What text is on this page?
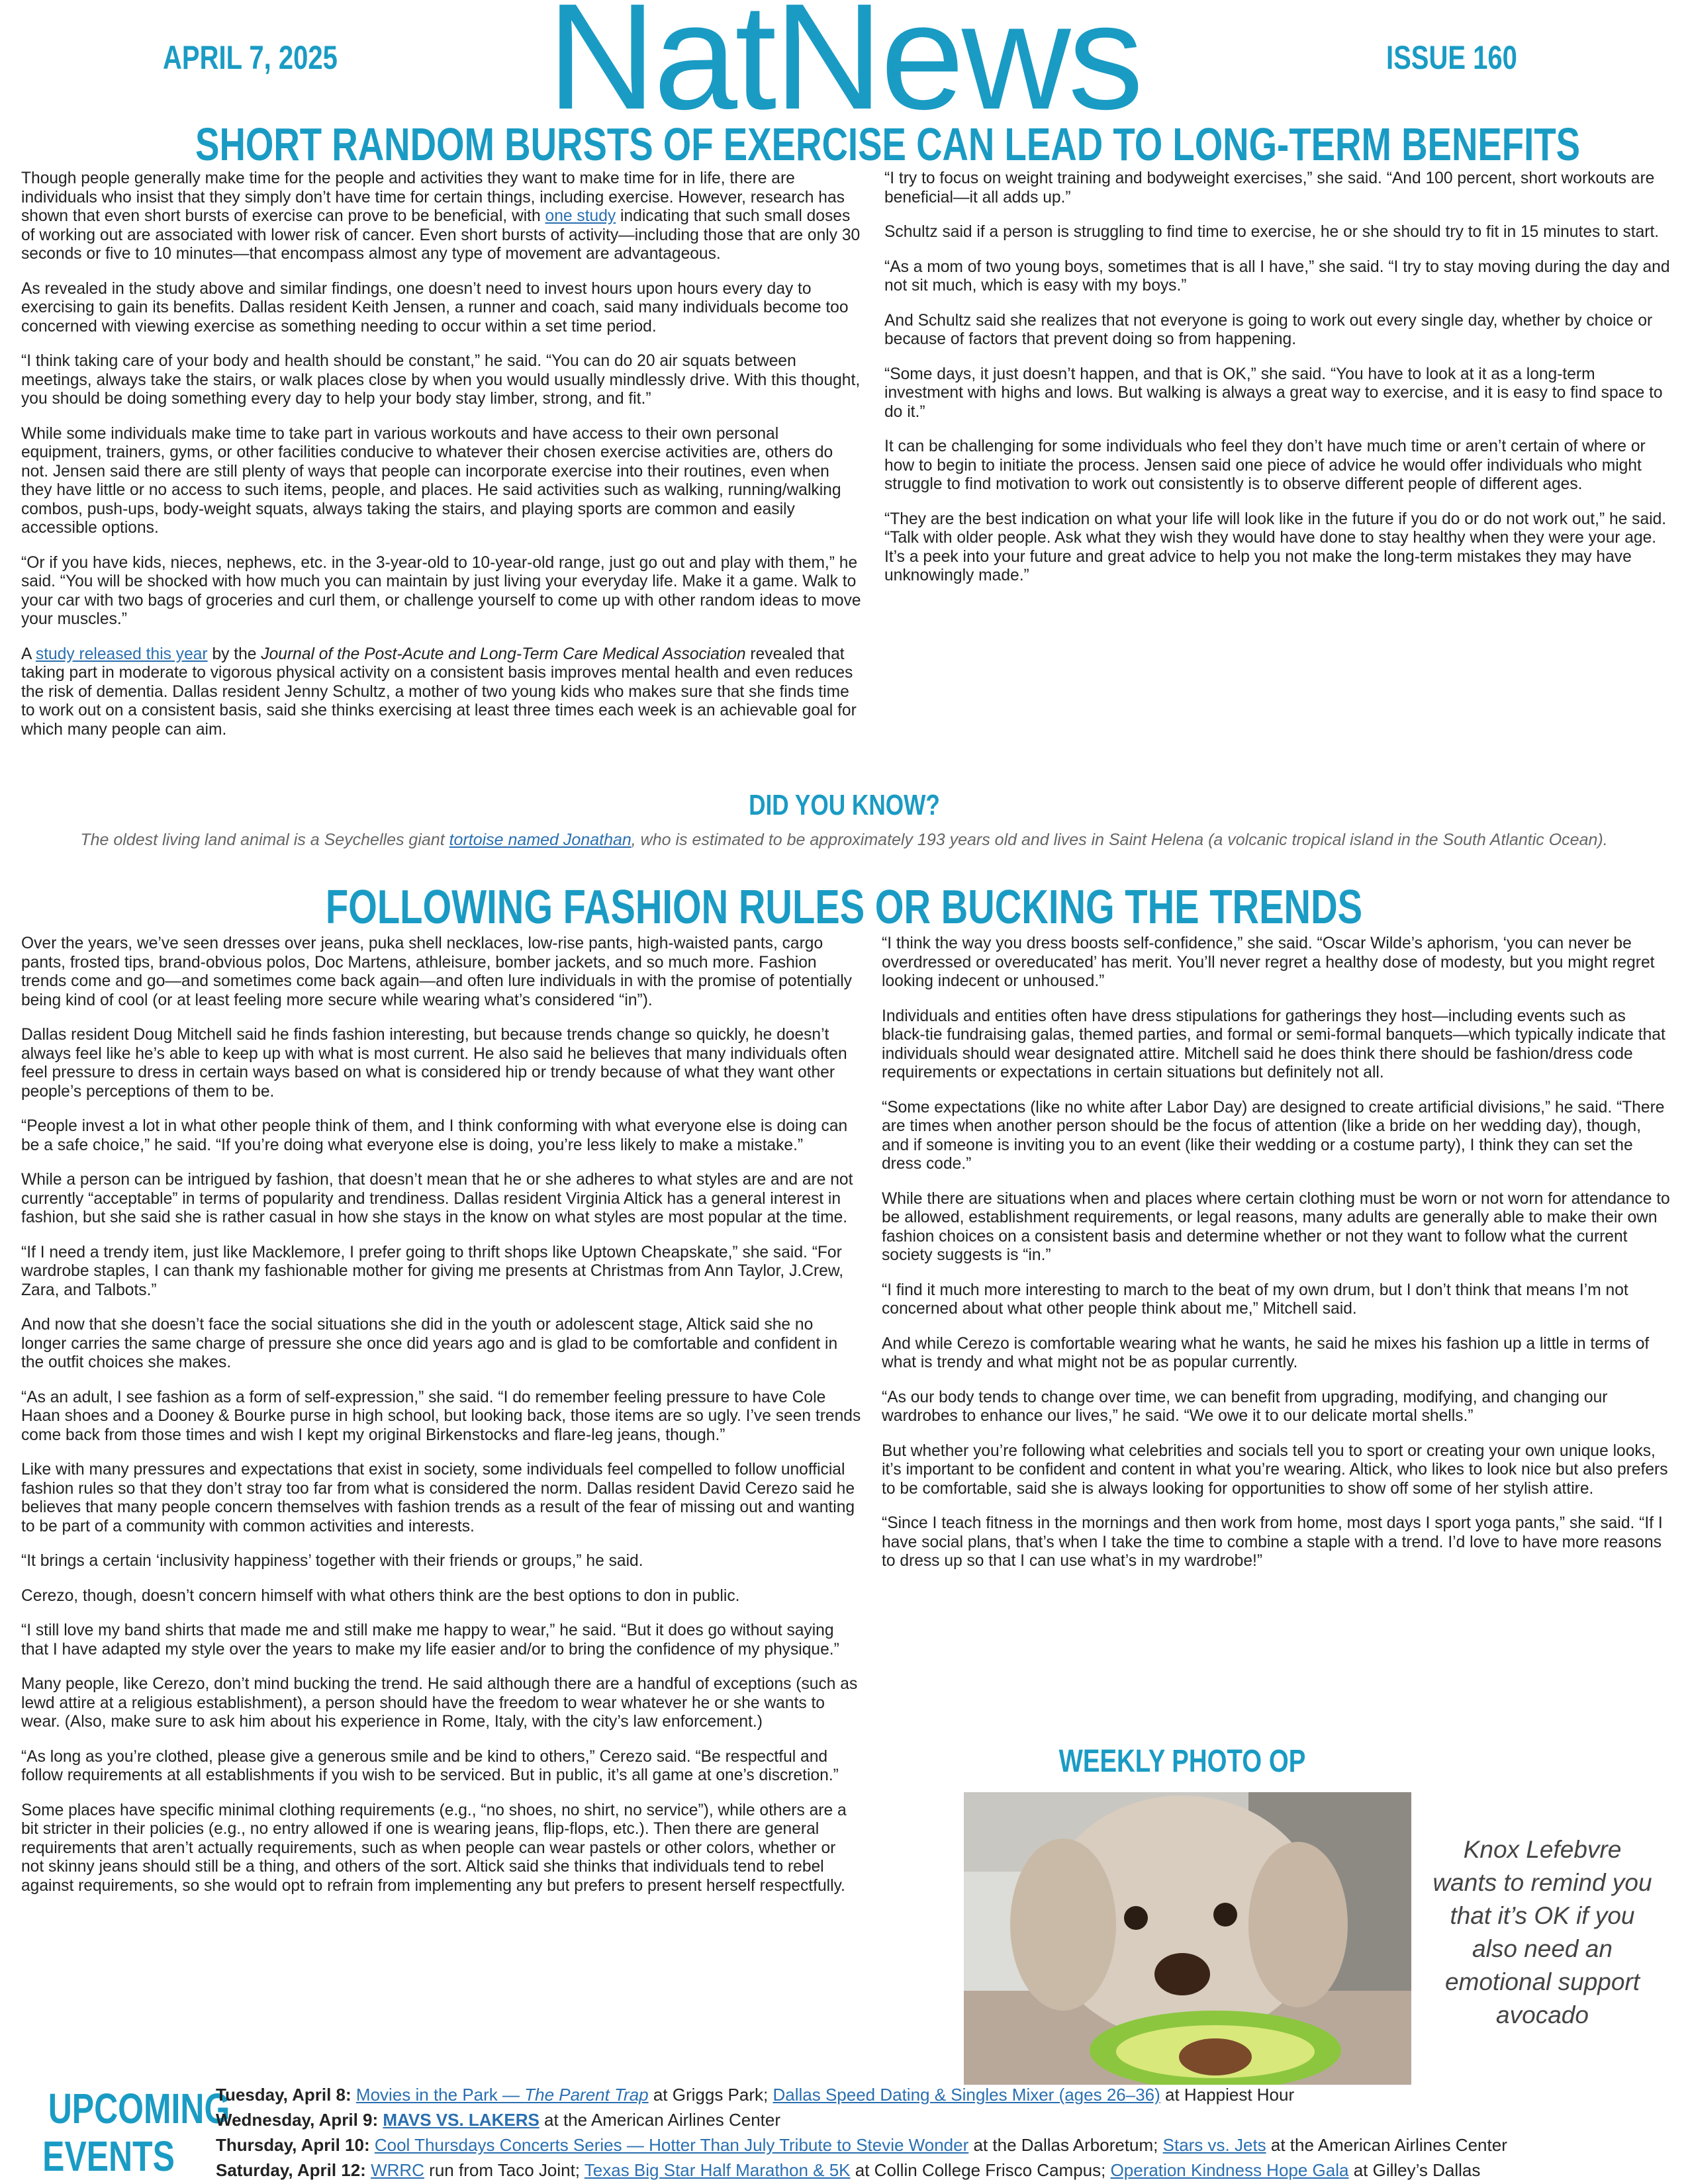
APRIL 7, 2025	NatNews	ISSUE 160
SHORT RANDOM BURSTS OF EXERCISE CAN LEAD TO LONG-TERM BENEFITS

Though people generally make time for the people and activities they want to make time for in life, there are individuals who insist that they simply don’t have time for certain things, including exercise. However, research has shown that even short bursts of exercise can prove to be beneficial, with one study indicating that such small doses of working out are associated with lower risk of cancer. Even short bursts of activity—including those that are only 30 seconds or five to 10 minutes—that encompass almost any type of movement are advantageous.

As revealed in the study above and similar findings, one doesn’t need to invest hours upon hours every day to exercising to gain its benefits. Dallas resident Keith Jensen, a runner and coach, said many individuals become too concerned with viewing exercise as something needing to occur within a set time period.

“I think taking care of your body and health should be constant,” he said. “You can do 20 air squats between meetings, always take the stairs, or walk places close by when you would usually mindlessly drive. With this thought, you should be doing something every day to help your body stay limber, strong, and fit.”

While some individuals make time to take part in various workouts and have access to their own personal equipment, trainers, gyms, or other facilities conducive to whatever their chosen exercise activities are, others do not. Jensen said there are still plenty of ways that people can incorporate exercise into their routines, even when they have little or no access to such items, people, and places. He said activities such as walking, running/walking combos, push-ups, body-weight squats, always taking the stairs, and playing sports are common and easily accessible options.

“Or if you have kids, nieces, nephews, etc. in the 3-year-old to 10-year-old range, just go out and play with them,” he said. “You will be shocked with how much you can maintain by just living your everyday life. Make it a game. Walk to your car with two bags of groceries and curl them, or challenge yourself to come up with other random ideas to move your muscles.”

A study released this year by the Journal of the Post-Acute and Long-Term Care Medical Association revealed that taking part in moderate to vigorous physical activity on a consistent basis improves mental health and even reduces the risk of dementia. Dallas resident Jenny Schultz, a mother of two young kids who makes sure that she finds time to work out on a consistent basis, said she thinks exercising at least three times each week is an achievable goal for which many people can aim.

“I try to focus on weight training and bodyweight exercises,” she said. “And 100 percent, short workouts are beneficial—it all adds up.”

Schultz said if a person is struggling to find time to exercise, he or she should try to fit in 15 minutes to start.

“As a mom of two young boys, sometimes that is all I have,” she said. “I try to stay moving during the day and not sit much, which is easy with my boys.”

And Schultz said she realizes that not everyone is going to work out every single day, whether by choice or because of factors that prevent doing so from happening.

“Some days, it just doesn’t happen, and that is OK,” she said. “You have to look at it as a long-term investment with highs and lows. But walking is always a great way to exercise, and it is easy to find space to do it.”

It can be challenging for some individuals who feel they don’t have much time or aren’t certain of where or how to begin to initiate the process. Jensen said one piece of advice he would offer individuals who might struggle to find motivation to work out consistently is to observe different people of different ages.

“They are the best indication on what your life will look like in the future if you do or do not work out,” he said. “Talk with older people. Ask what they wish they would have done to stay healthy when they were your age. It’s a peek into your future and great advice to help you not make the long-term mistakes they may have unknowingly made.”

DID YOU KNOW?
The oldest living land animal is a Seychelles giant tortoise named Jonathan, who is estimated to be approximately 193 years old and lives in Saint Helena (a volcanic tropical island in the South Atlantic Ocean).
FOLLOWING FASHION RULES OR BUCKING THE TRENDS

Over the years, we’ve seen dresses over jeans, puka shell necklaces, low-rise pants, high-waisted pants, cargo pants, frosted tips, brand-obvious polos, Doc Martens, athleisure, bomber jackets, and so much more. Fashion trends come and go—and sometimes come back again—and often lure individuals in with the promise of potentially being kind of cool (or at least feeling more secure while wearing what’s considered “in”).

Dallas resident Doug Mitchell said he finds fashion interesting, but because trends change so quickly, he doesn’t always feel like he’s able to keep up with what is most current. He also said he believes that many individuals often feel pressure to dress in certain ways based on what is considered hip or trendy because of what they want other people’s perceptions of them to be.

“People invest a lot in what other people think of them, and I think conforming with what everyone else is doing can be a safe choice,” he said. “If you’re doing what everyone else is doing, you’re less likely to make a mistake.”

While a person can be intrigued by fashion, that doesn’t mean that he or she adheres to what styles are and are not currently “acceptable” in terms of popularity and trendiness. Dallas resident Virginia Altick has a general interest in fashion, but she said she is rather casual in how she stays in the know on what styles are most popular at the time.

“If I need a trendy item, just like Macklemore, I prefer going to thrift shops like Uptown Cheapskate,” she said. “For wardrobe staples, I can thank my fashionable mother for giving me presents at Christmas from Ann Taylor, J.Crew, Zara, and Talbots.”

And now that she doesn’t face the social situations she did in the youth or adolescent stage, Altick said she no longer carries the same charge of pressure she once did years ago and is glad to be comfortable and confident in the outfit choices she makes.

“As an adult, I see fashion as a form of self-expression,” she said. “I do remember feeling pressure to have Cole Haan shoes and a Dooney & Bourke purse in high school, but looking back, those items are so ugly. I’ve seen trends come back from those times and wish I kept my original Birkenstocks and flare-leg jeans, though.”

Like with many pressures and expectations that exist in society, some individuals feel compelled to follow unofficial fashion rules so that they don’t stray too far from what is considered the norm. Dallas resident David Cerezo said he believes that many people concern themselves with fashion trends as a result of the fear of missing out and wanting to be part of a community with common activities and interests.

“It brings a certain ‘inclusivity happiness’ together with their friends or groups,” he said.

Cerezo, though, doesn’t concern himself with what others think are the best options to don in public.

“I still love my band shirts that made me and still make me happy to wear,” he said. “But it does go without saying that I have adapted my style over the years to make my life easier and/or to bring the confidence of my physique.”

Many people, like Cerezo, don’t mind bucking the trend. He said although there are a handful of exceptions (such as lewd attire at a religious establishment), a person should have the freedom to wear whatever he or she wants to wear. (Also, make sure to ask him about his experience in Rome, Italy, with the city’s law enforcement.)

“As long as you’re clothed, please give a generous smile and be kind to others,” Cerezo said. “Be respectful and follow requirements at all establishments if you wish to be serviced. But in public, it’s all game at one’s discretion.”

Some places have specific minimal clothing requirements (e.g., “no shoes, no shirt, no service”), while others are a bit stricter in their policies (e.g., no entry allowed if one is wearing jeans, flip-flops, etc.). Then there are general requirements that aren’t actually requirements, such as when people can wear pastels or other colors, whether or not skinny jeans should still be a thing, and others of the sort. Altick said she thinks that individuals tend to rebel against requirements, so she would opt to refrain from implementing any but prefers to present herself respectfully.

“I think the way you dress boosts self-confidence,” she said. “Oscar Wilde’s aphorism, ‘you can never be overdressed or overeducated’ has merit. You’ll never regret a healthy dose of modesty, but you might regret looking indecent or unhoused.”

Individuals and entities often have dress stipulations for gatherings they host—including events such as black-tie fundraising galas, themed parties, and formal or semi-formal banquets—which typically indicate that individuals should wear designated attire. Mitchell said he does think there should be fashion/dress code requirements or expectations in certain situations but definitely not all.

“Some expectations (like no white after Labor Day) are designed to create artificial divisions,” he said. “There are times when another person should be the focus of attention (like a bride on her wedding day), though, and if someone is inviting you to an event (like their wedding or a costume party), I think they can set the dress code.”

While there are situations when and places where certain clothing must be worn or not worn for attendance to be allowed, establishment requirements, or legal reasons, many adults are generally able to make their own fashion choices on a consistent basis and determine whether or not they want to follow what the current society suggests is “in.”

“I find it much more interesting to march to the beat of my own drum, but I don’t think that means I’m not concerned about what other people think about me,” Mitchell said.

And while Cerezo is comfortable wearing what he wants, he said he mixes his fashion up a little in terms of what is trendy and what might not be as popular currently.

“As our body tends to change over time, we can benefit from upgrading, modifying, and changing our wardrobes to enhance our lives,” he said. “We owe it to our delicate mortal shells.”

But whether you’re following what celebrities and socials tell you to sport or creating your own unique looks, it’s important to be confident and content in what you’re wearing. Altick, who likes to look nice but also prefers to be comfortable, said she is always looking for opportunities to show off some of her stylish attire.

“Since I teach fitness in the mornings and then work from home, most days I sport yoga pants,” she said. “If I have social plans, that’s when I take the time to combine a staple with a trend. I’d love to have more reasons to dress up so that I can use what’s in my wardrobe!”

WEEKLY PHOTO OP
Knox Lefebvre wants to remind you that it’s OK if you also need an emotional support avocado
UPCOMING
EVENTS
Tuesday, April 8: Movies in the Park — The Parent Trap at Griggs Park; Dallas Speed Dating & Singles Mixer (ages 26–36) at Happiest Hour
Wednesday, April 9: MAVS VS. LAKERS at the American Airlines Center
Thursday, April 10: Cool Thursdays Concerts Series — Hotter Than July Tribute to Stevie Wonder at the Dallas Arboretum; Stars vs. Jets at the American Airlines Center
Saturday, April 12: WRRC run from Taco Joint; Texas Big Star Half Marathon & 5K at Collin College Frisco Campus; Operation Kindness Hope Gala at Gilley’s Dallas
